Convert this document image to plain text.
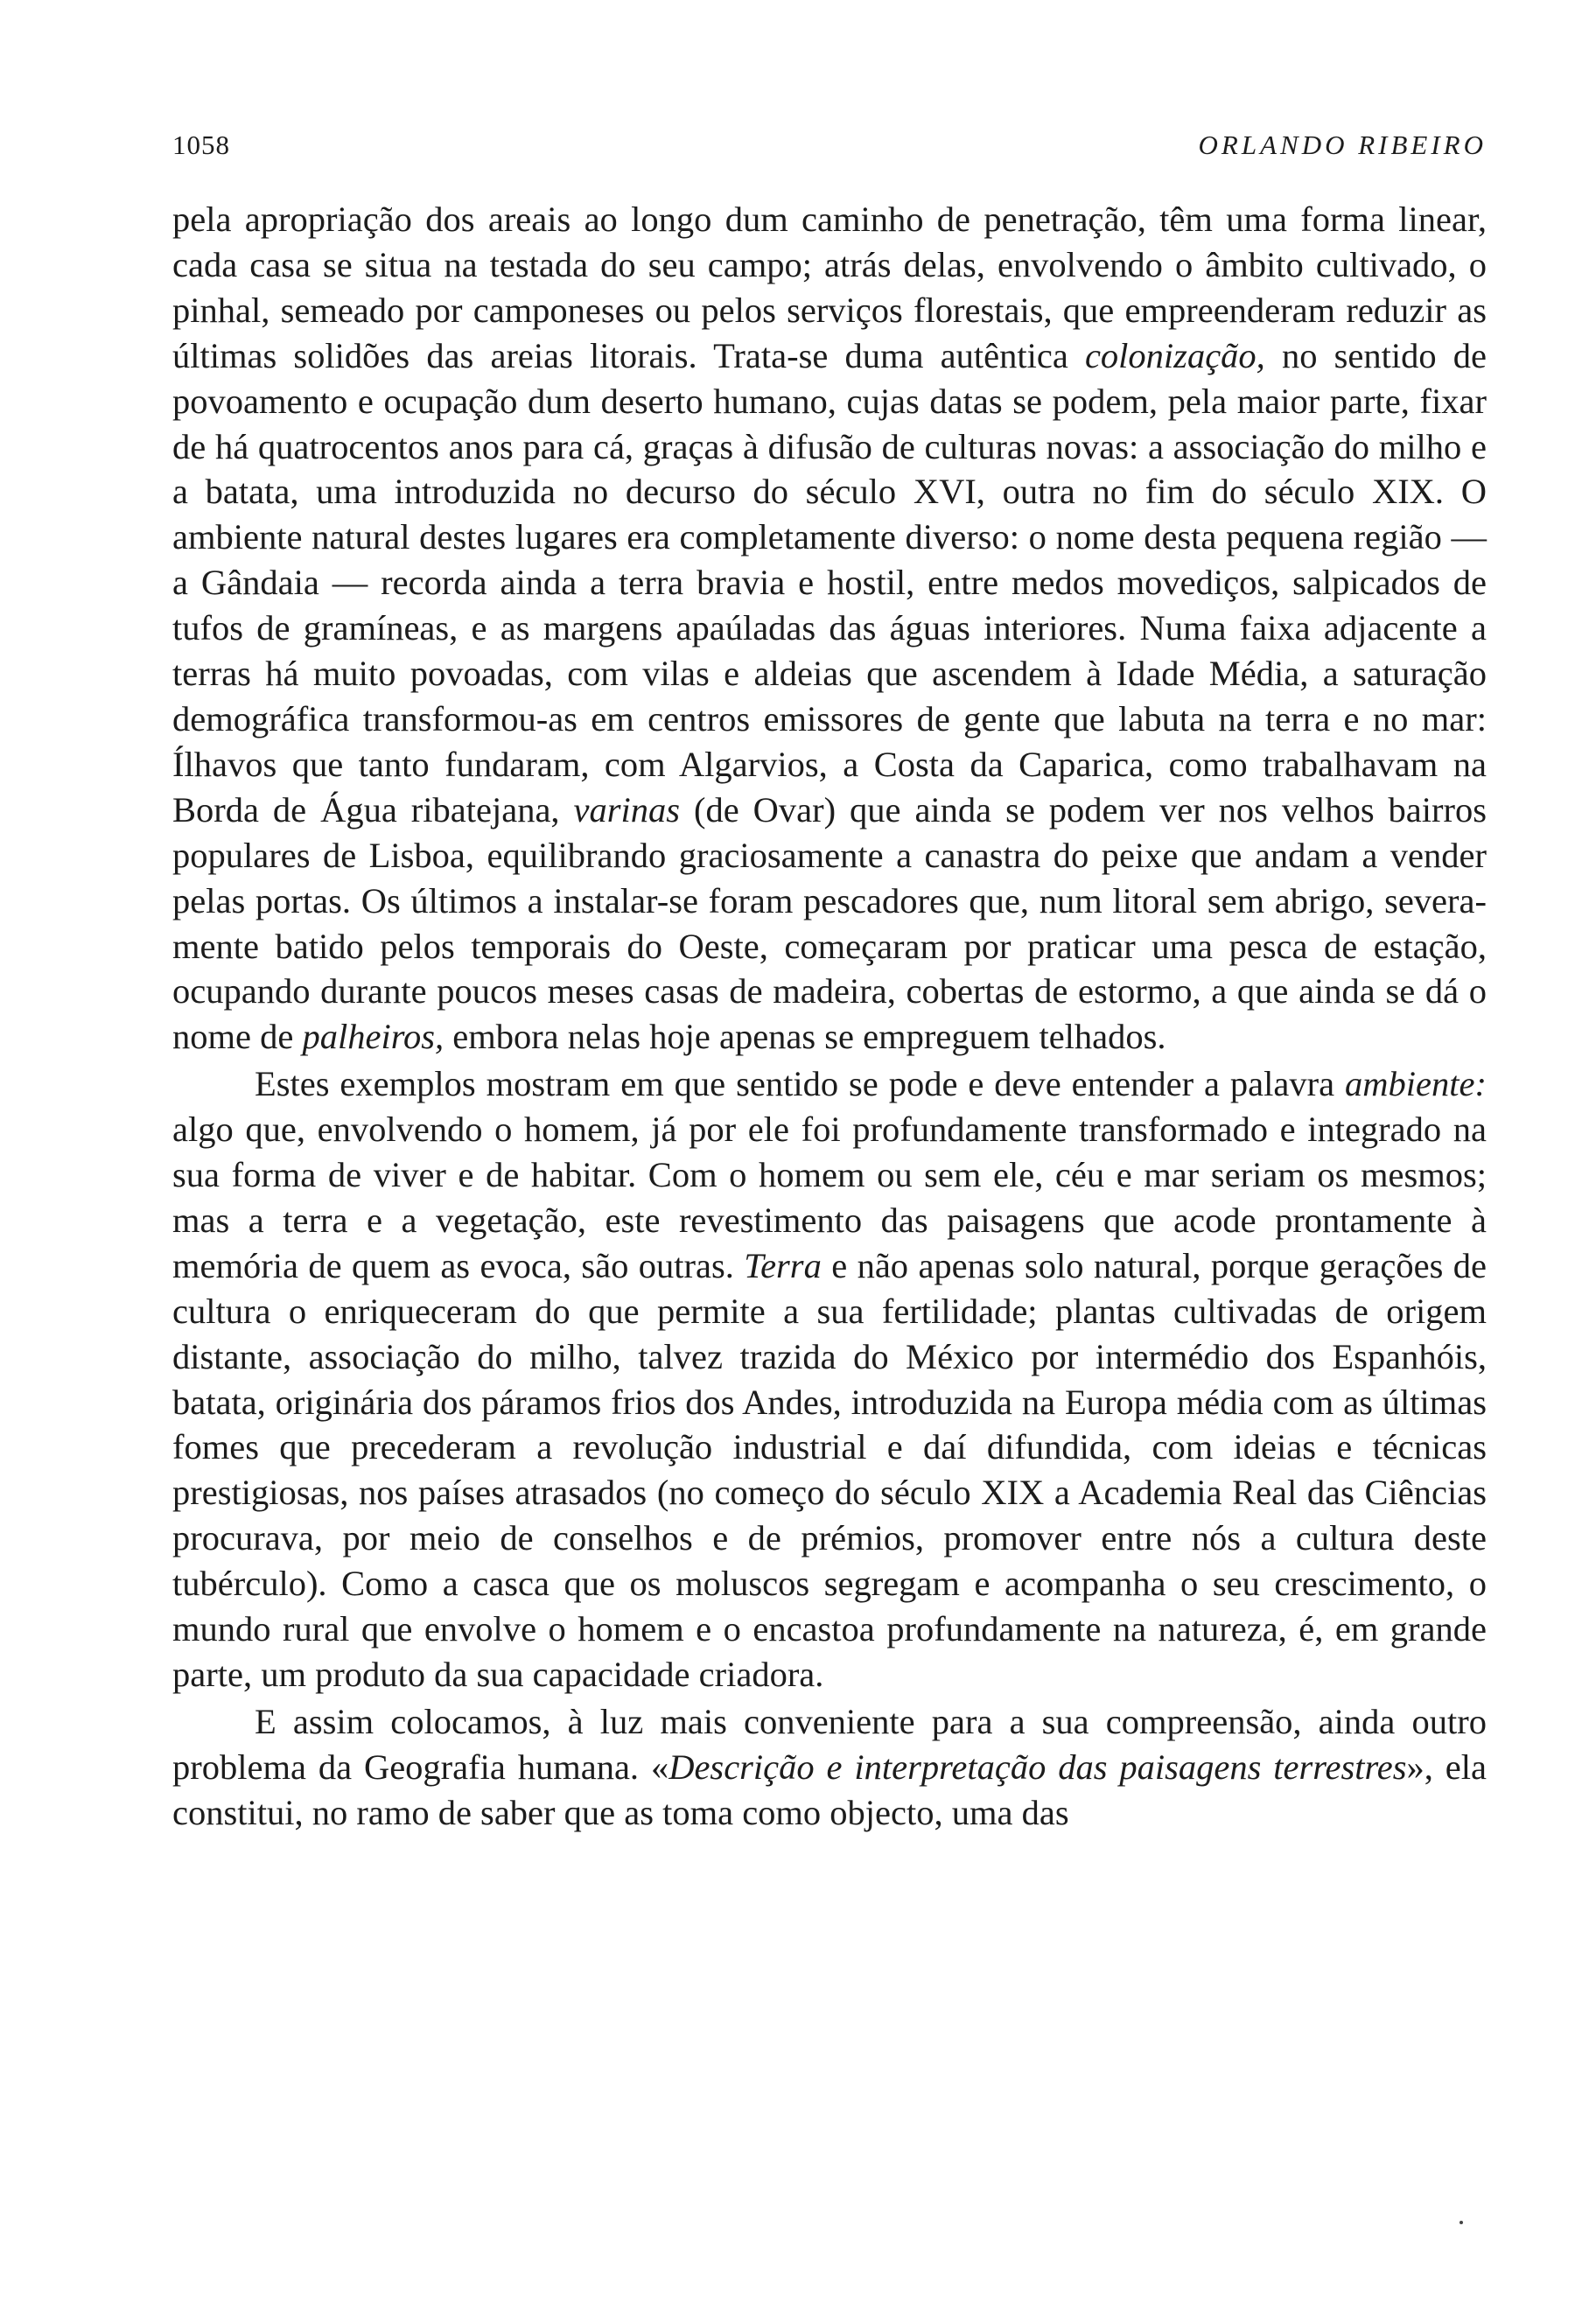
1058	ORLANDO RIBEIRO

pela apropriação dos areais ao longo dum caminho de penetração, têm uma forma linear, cada casa se situa na testada do seu campo; atrás delas, envolvendo o âmbito cultivado, o pinhal, semeado por camponeses ou pelos serviços florestais, que empreenderam reduzir as últimas solidões das areias litorais. Trata-se duma autêntica colonização, no sentido de povoamento e ocupação dum deserto humano, cujas datas se podem, pela maior parte, fixar de há quatrocentos anos para cá, graças à difusão de culturas novas: a associação do milho e a batata, uma introduzida no decurso do século XVI, outra no fim do século XIX. O ambiente natural destes lugares era completamente diverso: o nome desta pequena região — a Gândaia — recorda ainda a terra bravia e hostil, entre medos movediços, salpicados de tufos de gramíneas, e as margens apaúladas das águas interiores. Numa faixa adjacente a terras há muito povoadas, com vilas e aldeias que ascendem à Idade Média, a saturação demográfica transformou-as em centros emissores de gente que labuta na terra e no mar: Ílhavos que tanto fundaram, com Algarvios, a Costa da Caparica, como trabalhavam na Borda de Água ribatejana, varinas (de Ovar) que ainda se podem ver nos velhos bairros populares de Lisboa, equilibrando graciosamente a canastra do peixe que andam a vender pelas portas. Os últimos a instalar-se foram pescadores que, num litoral sem abrigo, severamente batido pelos temporais do Oeste, começaram por praticar uma pesca de estação, ocupando durante poucos meses casas de madeira, cobertas de estormo, a que ainda se dá o nome de palheiros, embora nelas hoje apenas se empreguem telhados.

Estes exemplos mostram em que sentido se pode e deve entender a palavra ambiente: algo que, envolvendo o homem, já por ele foi profundamente transformado e integrado na sua forma de viver e de habitar. Com o homem ou sem ele, céu e mar seriam os mesmos; mas a terra e a vegetação, este revestimento das paisagens que acode prontamente à memória de quem as evoca, são outras. Terra e não apenas solo natural, porque gerações de cultura o enriqueceram do que permite a sua fertilidade; plantas cultivadas de origem distante, associação do milho, talvez trazida do México por intermédio dos Espanhóis, batata, originária dos páramos frios dos Andes, introduzida na Europa média com as últimas fomes que precederam a revolução industrial e daí difundida, com ideias e técnicas prestigiosas, nos países atrasados (no começo do século XIX a Academia Real das Ciências procurava, por meio de conselhos e de prémios, promover entre nós a cultura deste tubérculo). Como a casca que os moluscos segregam e acompanha o seu crescimento, o mundo rural que envolve o homem e o encastoa profundamente na natureza, é, em grande parte, um produto da sua capacidade criadora.

E assim colocamos, à luz mais conveniente para a sua compreensão, ainda outro problema da Geografia humana. «Descrição e interpretação das paisagens terrestres», ela constitui, no ramo de saber que as toma como objecto, uma das
